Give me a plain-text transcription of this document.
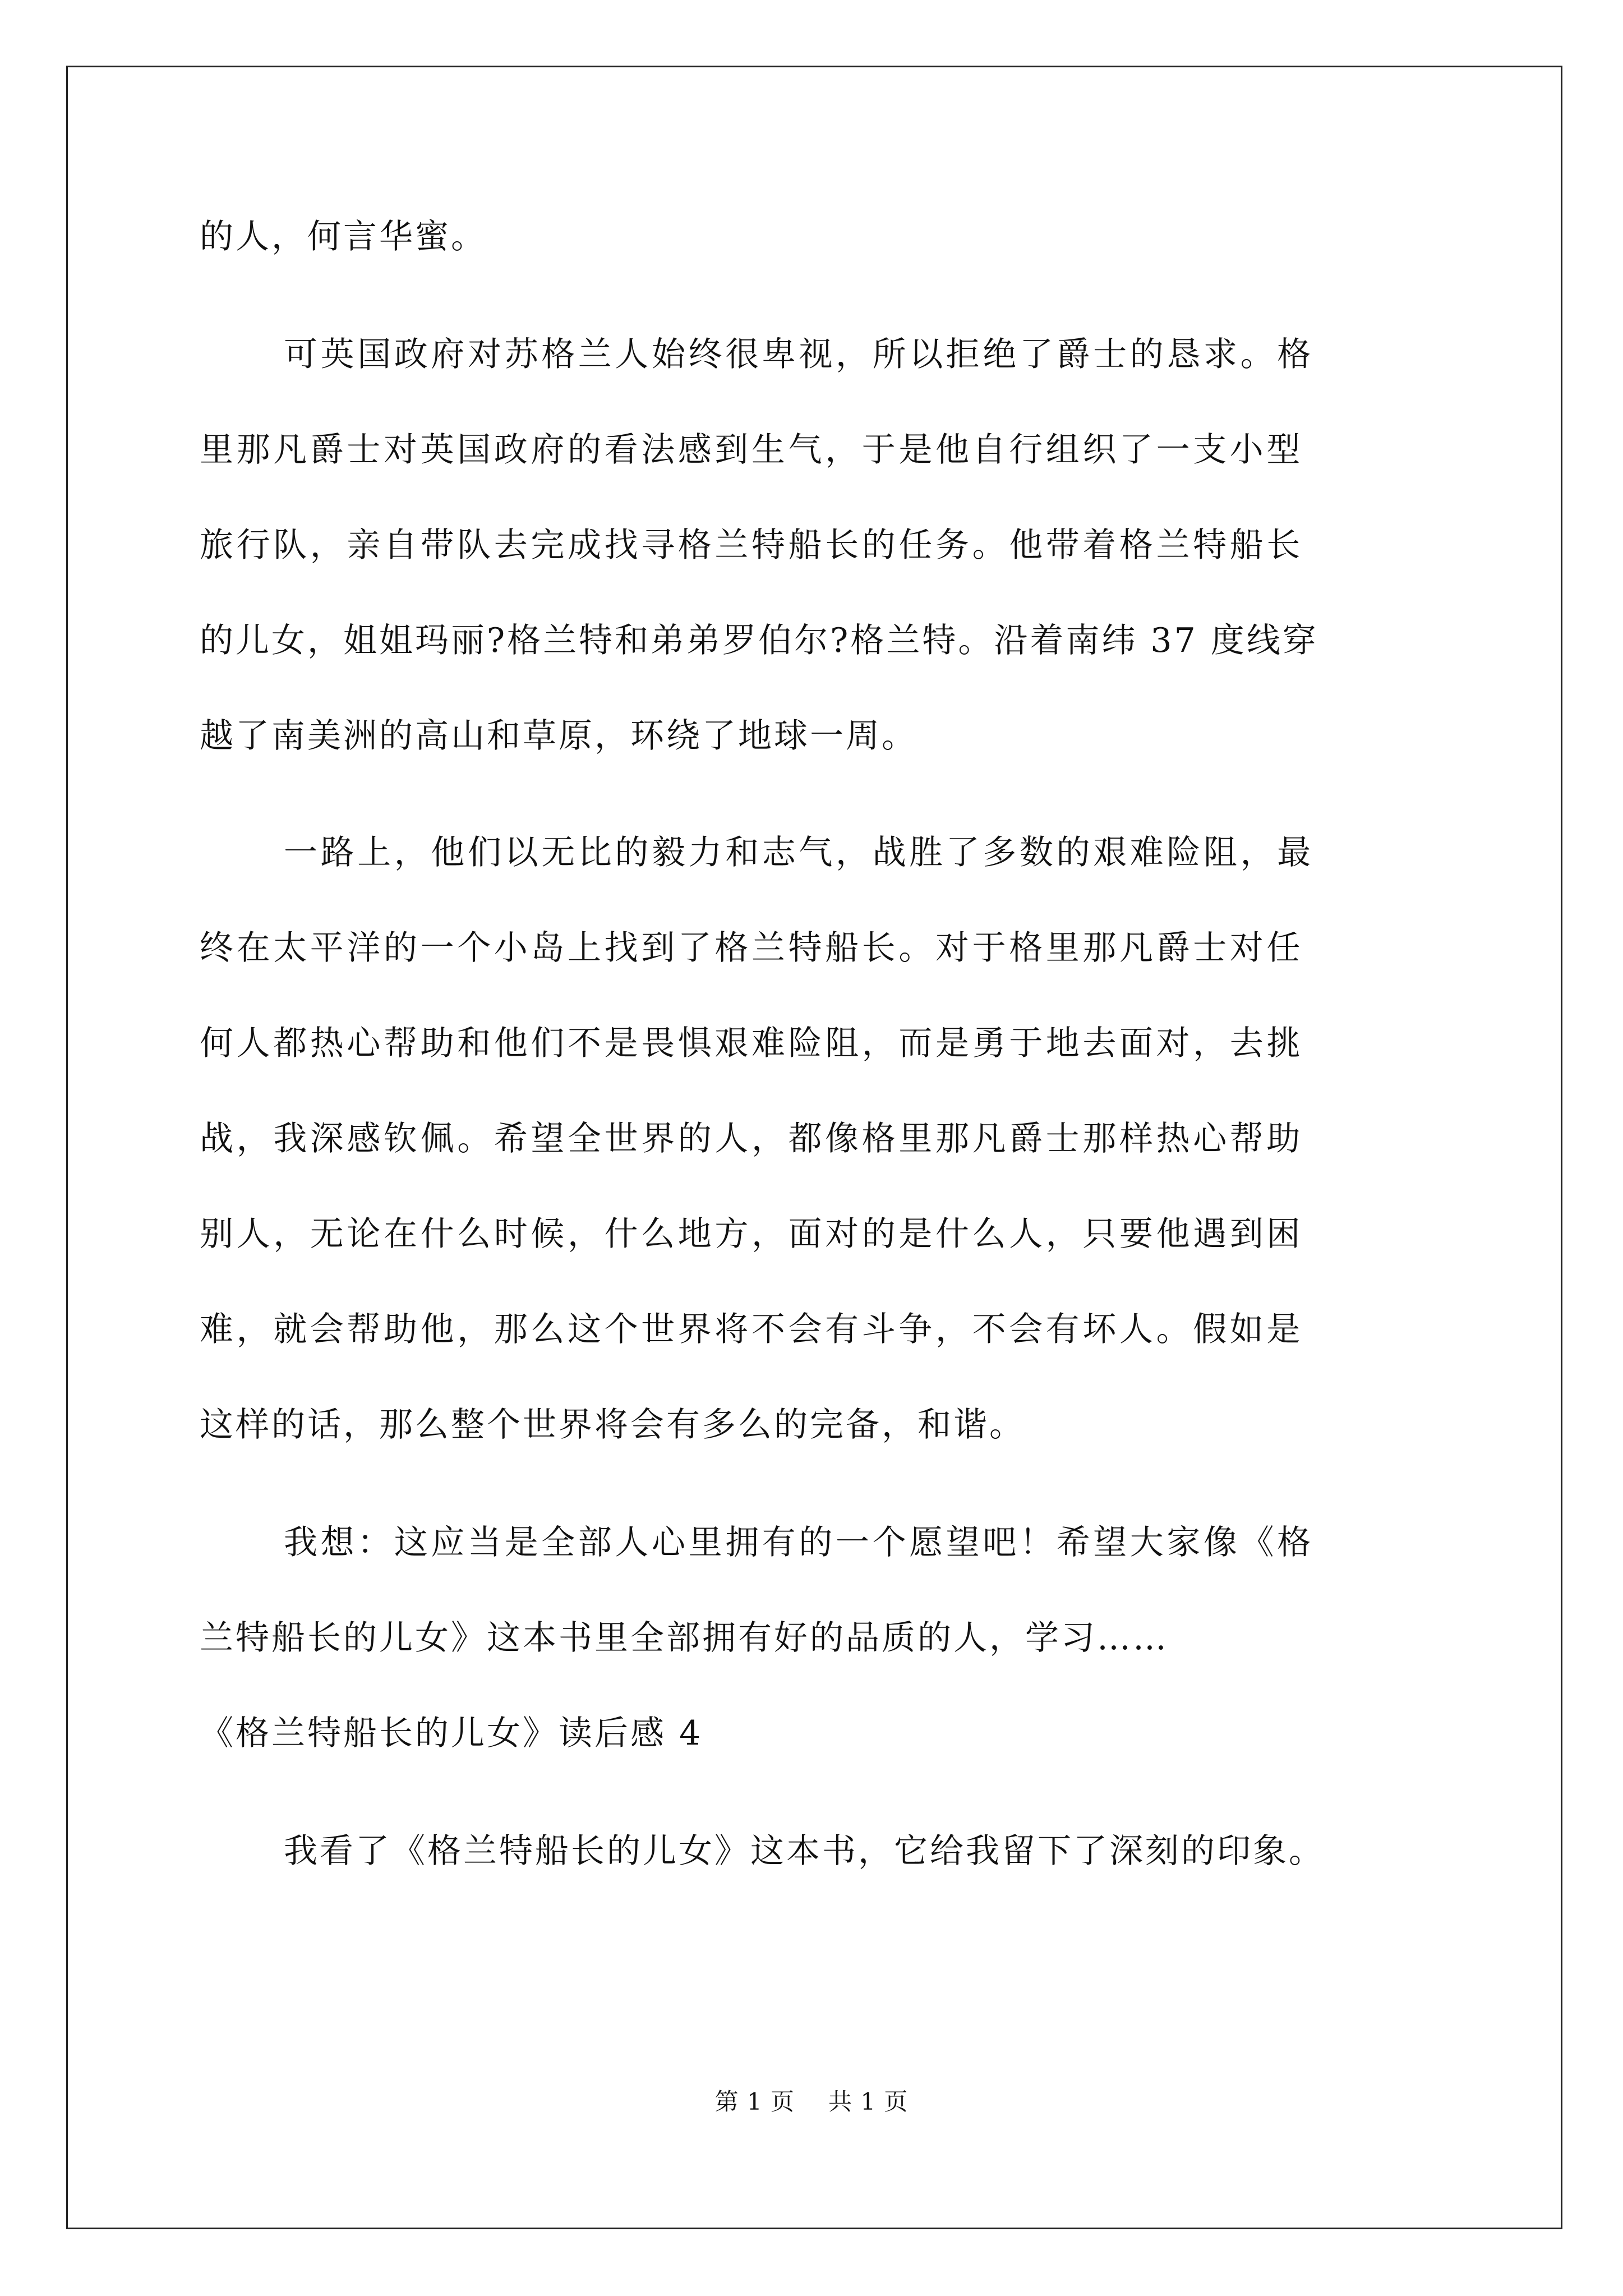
的人，何言华蜜。
可英国政府对苏格兰人始终很卑视，所以拒绝了爵士的恳求。格
里那凡爵士对英国政府的看法感到生气，于是他自行组织了一支小型
旅行队，亲自带队去完成找寻格兰特船长的任务。他带着格兰特船长
的儿女，姐姐玛丽?格兰特和弟弟罗伯尔?格兰特。沿着南纬 37 度线穿
越了南美洲的高山和草原，环绕了地球一周。
一路上，他们以无比的毅力和志气，战胜了多数的艰难险阻，最
终在太平洋的一个小岛上找到了格兰特船长。对于格里那凡爵士对任
何人都热心帮助和他们不是畏惧艰难险阻，而是勇于地去面对，去挑
战，我深感钦佩。希望全世界的人，都像格里那凡爵士那样热心帮助
别人，无论在什么时候，什么地方，面对的是什么人，只要他遇到困
难，就会帮助他，那么这个世界将不会有斗争，不会有坏人。假如是
这样的话，那么整个世界将会有多么的完备，和谐。
我想：这应当是全部人心里拥有的一个愿望吧！希望大家像《格
兰特船长的儿女》这本书里全部拥有好的品质的人，学习……
《格兰特船长的儿女》读后感 4
我看了《格兰特船长的儿女》这本书，它给我留下了深刻的印象。
第 1 页 共 1 页
